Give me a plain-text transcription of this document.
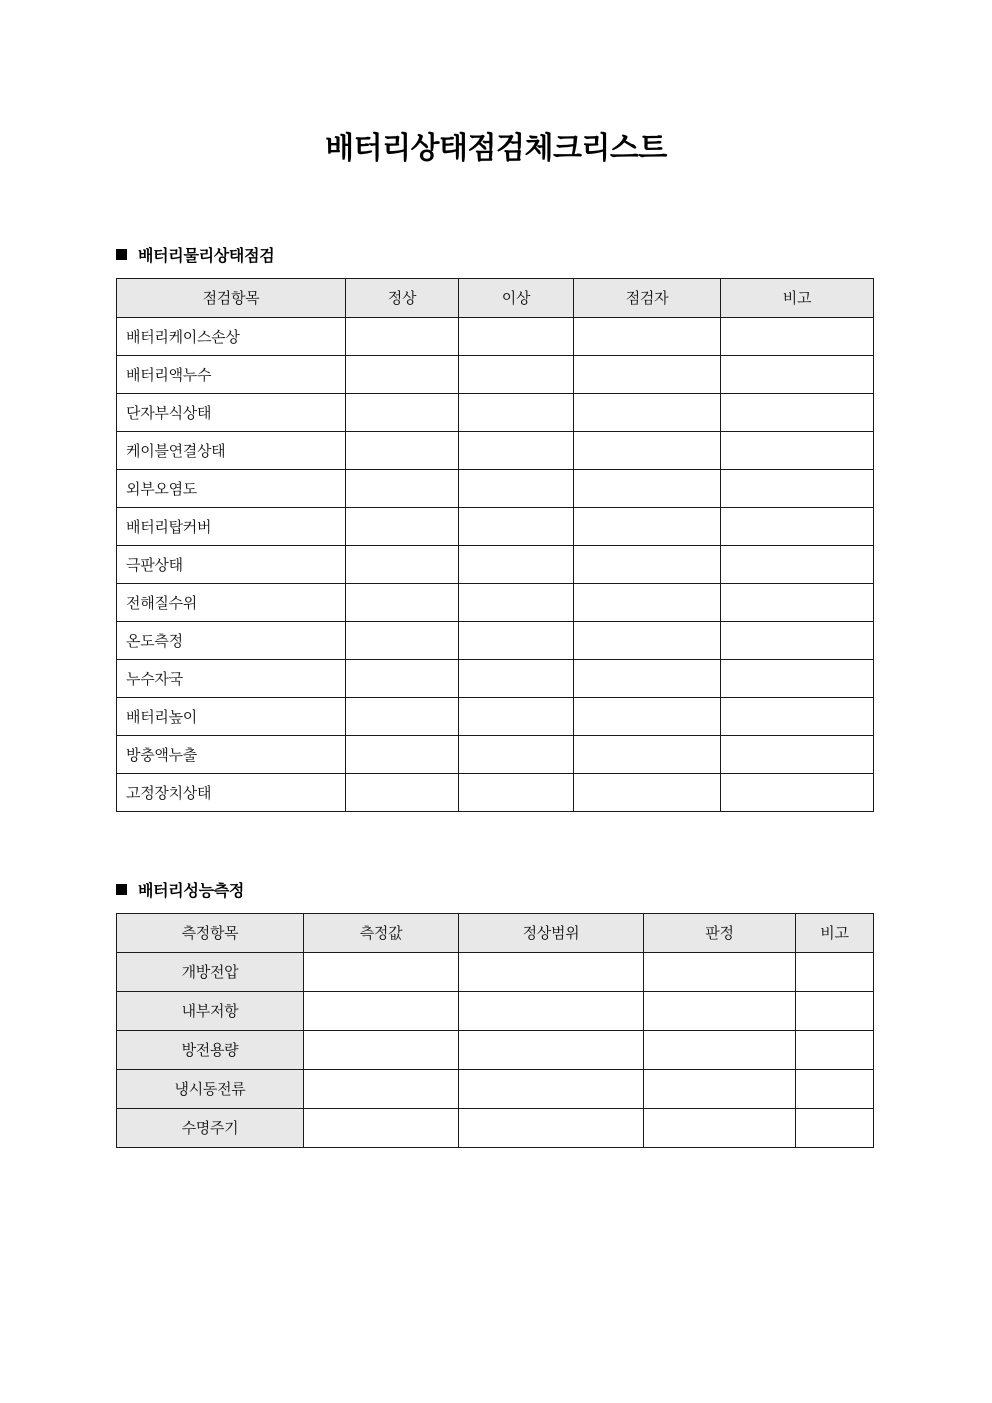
배터리상태점검체크리스트
배터리물리상태점검
점검항목	정상	이상	점검자	비고
배터리케이스손상				
배터리액누수				
단자부식상태				
케이블연결상태				
외부오염도				
배터리탑커버				
극판상태				
전해질수위				
온도측정				
누수자국				
배터리높이				
방충액누출				
고정장치상태				
배터리성능측정
측정항목	측정값	정상범위	판정	비고
개방전압				
내부저항				
방전용량				
냉시동전류				
수명주기				
